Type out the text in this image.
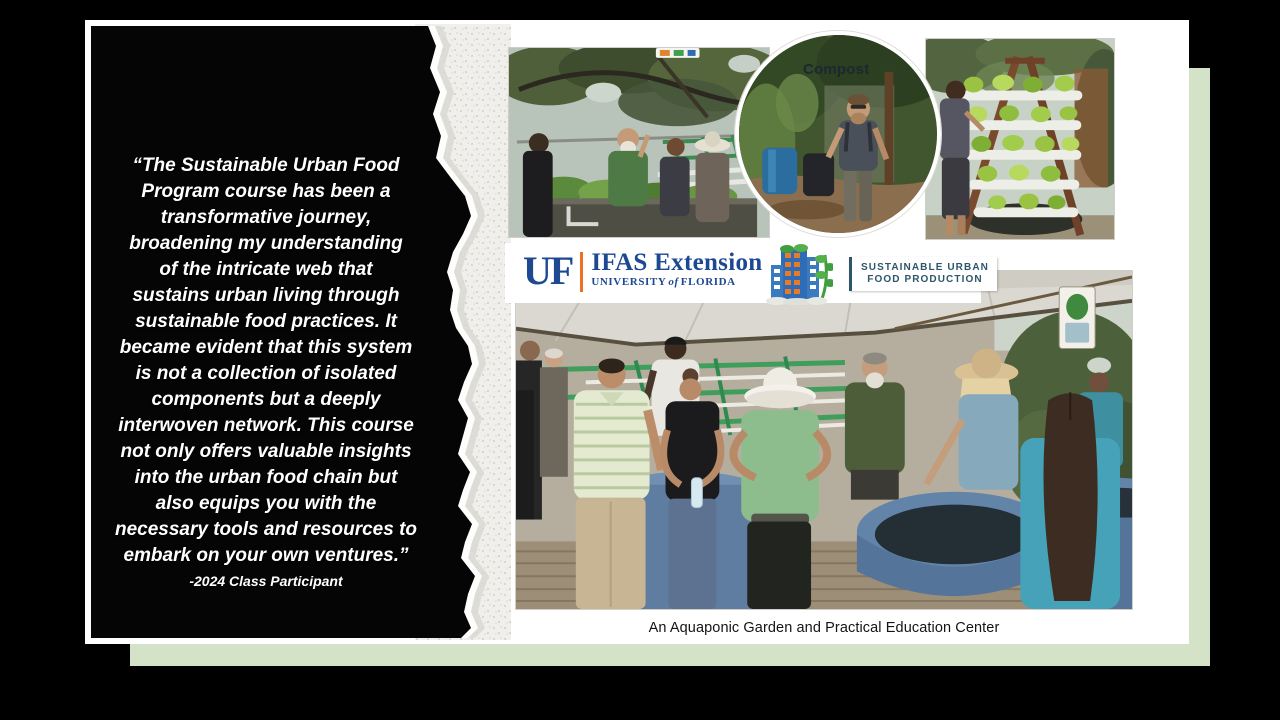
“The Sustainable Urban Food
Program course has been a
transformative journey,
broadening my understanding
of the intricate web that
sustains urban living through
sustainable food practices. It
became evident that this system
is not a collection of isolated
components but a deeply
interwoven network. This course
not only offers valuable insights
into the urban food chain but
also equips you with the
necessary tools and resources to
embark on your own ventures.”
-2024 Class Participant
Compost
UF IFAS Extension
UNIVERSITY of FLORIDA
SUSTAINABLE URBAN
FOOD PRODUCTION
An Aquaponic Garden and Practical Education Center
